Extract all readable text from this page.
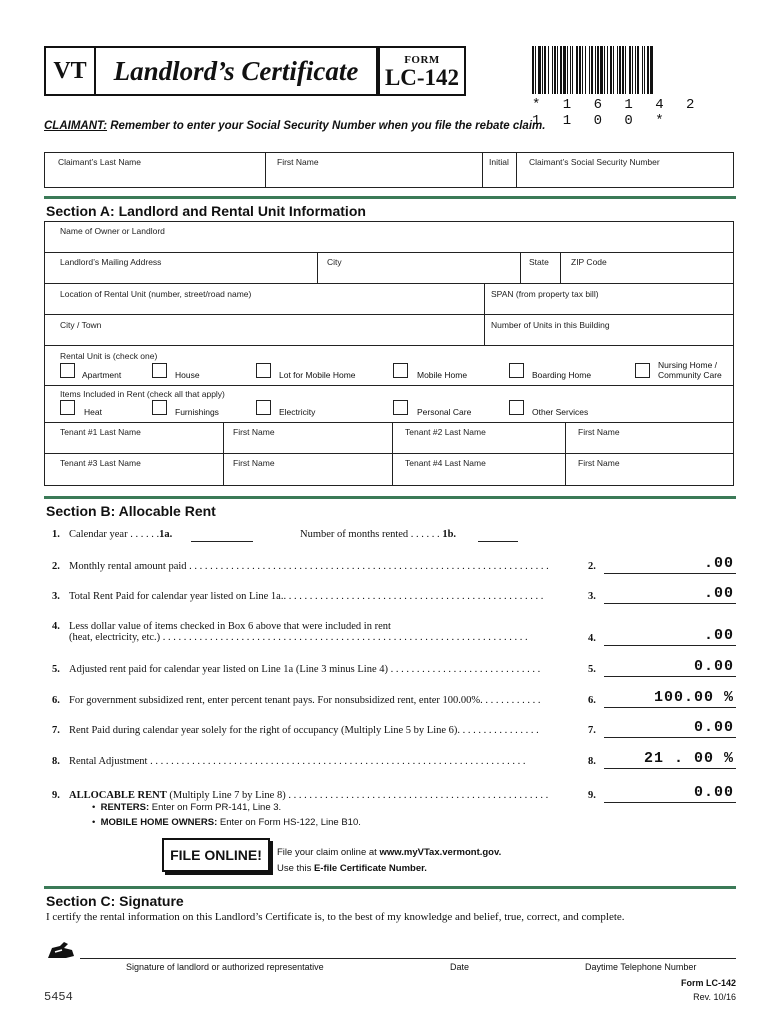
VT Landlord’s Certificate	FORM
LC-142
* 1 6 1 4 2 1 1 0 0 *
CLAIMANT: Remember to enter your Social Security Number when you file the rebate claim.
Claimant’s Last Name	First Name	Initial Claimant’s Social Security Number
Section A: Landlord and Rental Unit Information
Name of Owner or Landlord
Landlord’s Mailing Address	City	State	ZIP Code
Location of Rental Unit (number, street/road name)	SPAN (from property tax bill)
City / Town	Number of Units in this Building
Rental Unit is (check one)
Apartment	House	Lot for Mobile Home	Mobile Home	Boarding Home
Nursing Home /
Community Care
Items Included in Rent (check all that apply)
Heat	Furnishings	Electricity	Personal Care	Other Services
Tenant #1 Last Name	First Name	Tenant #2 Last Name	First Name
Tenant #3 Last Name	First Name	Tenant #4 Last Name	First Name
Section B: Allocable Rent
1. Calendar year . . . . . .1a.	Number of months rented . . . . . . 1b.
2. Monthly rental amount paid . . . . . . . . . . . . . . . . . . . . . . . . . . . . . . . . . . . . . . . . . . . . . . . . . . . . . . . . . . . . . . . . . . . . .	2.	.00
3. Total Rent Paid for calendar year listed on Line 1a.. . . . . . . . . . . . . . . . . . . . . . . . . . . . . . . . . . . . . . . . . . . . . . . . . .	3.	.00
4. Less dollar value of items checked in Box 6 above that were included in rent
(heat, electricity, etc.) . . . . . . . . . . . . . . . . . . . . . . . . . . . . . . . . . . . . . . . . . . . . . . . . . . . . . . . . . . . . . . . . . . . . . .	4.	.00
5. Adjusted rent paid for calendar year listed on Line 1a (Line 3 minus Line 4) . . . . . . . . . . . . . . . . . . . . . . . . . . . . .	5.	0.00
6. For government subsidized rent, enter percent tenant pays. For nonsubsidized rent, enter 100.00%. . . . . . . . . . . .	6.	100.00 %
7. Rent Paid during calendar year solely for the right of occupancy (Multiply Line 5 by Line 6). . . . . . . . . . . . . . . .	7.	0.00
8. Rental Adjustment . . . . . . . . . . . . . . . . . . . . . . . . . . . . . . . . . . . . . . . . . . . . . . . . . . . . . . . . . . . . . . . . . . . . . . . .	8.	21 . 00 %
9. ALLOCABLE RENT (Multiply Line 7 by Line 8) . . . . . . . . . . . . . . . . . . . . . . . . . . . . . . . . . . . . . . . . . . . . . . . . . .	9.	0.00
•  RENTERS: Enter on Form PR-141, Line 3.
•  MOBILE HOME OWNERS: Enter on Form HS-122, Line B10.
FILE ONLINE!	File your claim online at www.myVTax.vermont.gov.
Use this E-file Certificate Number.
Section C: Signature
I certify the rental information on this Landlord’s Certificate is, to the best of my knowledge and belief, true, correct, and complete.
Signature of landlord or authorized representative	Date	Daytime Telephone Number
5454
Form LC-142
Rev. 10/16
